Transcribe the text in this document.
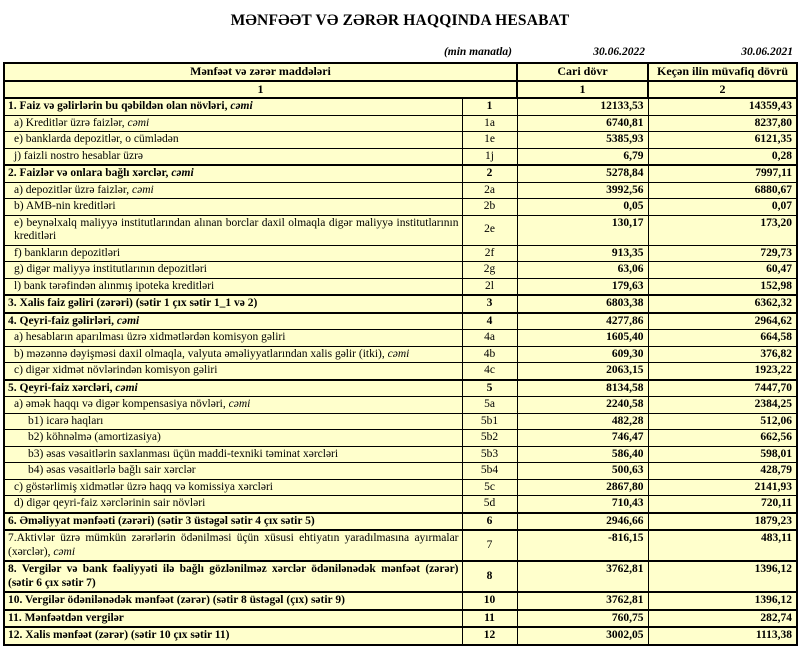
MƏNFƏƏT VƏ ZƏRƏR HAQQINDA HESABAT
(min manatla)	30.06.2022	30.06.2021
Mənfəət və zərər maddələri		Cari dövr	Keçən ilin müvafiq dövrü
1		1	2
1. Faiz və gəlirlərin bu qəbildən olan növləri, cəmi	1	12133,53	14359,43
a) Kreditlər üzrə faizlər, cəmi	1a	6740,81	8237,80
e) banklarda depozitlər, o cümlədən	1e	5385,93	6121,35
j) faizli nostro hesablar üzrə	1j	6,79	0,28
2. Faizlər və onlara bağlı xərclər, cəmi	2	5278,84	7997,11
a) depozitlər üzrə faizlər, cəmi	2a	3992,56	6880,67
b) AMB-nin kreditləri	2b	0,05	0,07
e) beynəlxalq maliyyə institutlarından alınan borclar daxil olmaqla digər maliyyə institutlarının kreditləri	2e	130,17	173,20
f) bankların depozitləri	2f	913,35	729,73
g) digər maliyyə institutlarının depozitləri	2g	63,06	60,47
l) bank tərəfindən alınmış ipoteka kreditləri	2l	179,63	152,98
3. Xalis faiz gəliri (zərəri) (sətir 1 çıx sətir 1_1 və 2)	3	6803,38	6362,32
4. Qeyri-faiz gəlirləri, cəmi	4	4277,86	2964,62
a) hesabların aparılması üzrə xidmətlərdən komisyon gəliri	4a	1605,40	664,58
b) məzənnə dəyişməsi daxil olmaqla, valyuta əməliyyatlarından xalis gəlir (itki), cəmi	4b	609,30	376,82
c) digər xidmət növlərindən komisyon gəliri	4c	2063,15	1923,22
5. Qeyri-faiz xərcləri, cəmi	5	8134,58	7447,70
a) əmək haqqı və digər kompensasiya növləri, cəmi	5a	2240,58	2384,25
b1) icarə haqları	5b1	482,28	512,06
b2) köhnəlmə (amortizasiya)	5b2	746,47	662,56
b3) əsas vəsaitlərin saxlanması üçün maddi-texniki təminat xərcləri	5b3	586,40	598,01
b4) əsas vəsaitlərlə bağlı sair xərclər	5b4	500,63	428,79
c) göstərlimiş xidmətlər üzrə haqq və komissiya xərcləri	5c	2867,80	2141,93
d) digər qeyri-faiz xərclərinin sair növləri	5d	710,43	720,11
6. Əməliyyat mənfəəti (zərəri) (sətir 3 üstəgəl sətir 4 çıx sətir 5)	6	2946,66	1879,23
7.Aktivlər üzrə mümkün zərərlərin ödənilməsi üçün xüsusi ehtiyatın yaradılmasına ayırmalar (xərclər), cəmi	7	-816,15	483,11
8. Vergilər və bank fəaliyyəti ilə bağlı gözlənilməz xərclər ödənilənədək mənfəət (zərər) (sətir 6 çıx sətir 7)	8	3762,81	1396,12
10. Vergilər ödənilənədək mənfəət (zərər) (sətir 8 üstəgəl (çıx) sətir 9)	10	3762,81	1396,12
11. Mənfəətdən vergilər	11	760,75	282,74
12. Xalis mənfəət (zərər) (sətir 10 çıx sətir 11)	12	3002,05	1113,38
